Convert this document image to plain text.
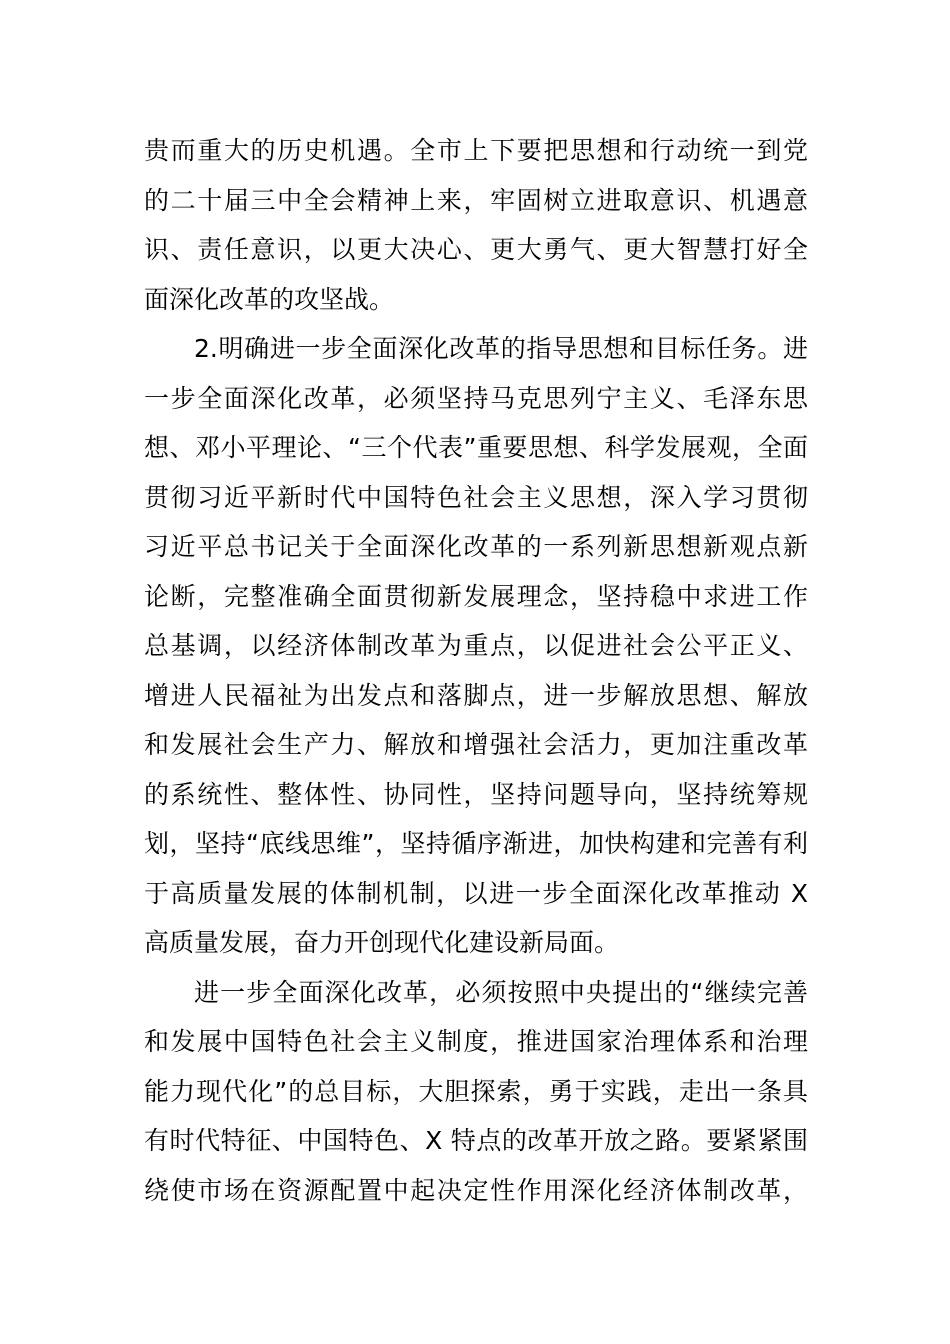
贵而重大的历史机遇。全市上下要把思想和行动统一到党
的二十届三中全会精神上来，牢固树立进取意识、机遇意
识、责任意识，以更大决心、更大勇气、更大智慧打好全
面深化改革的攻坚战。
2.明确进一步全面深化改革的指导思想和目标任务。进
一步全面深化改革，必须坚持马克思列宁主义、毛泽东思
想、邓小平理论、“三个代表”重要思想、科学发展观，全面
贯彻习近平新时代中国特色社会主义思想，深入学习贯彻
习近平总书记关于全面深化改革的一系列新思想新观点新
论断，完整准确全面贯彻新发展理念，坚持稳中求进工作
总基调，以经济体制改革为重点，以促进社会公平正义、
增进人民福祉为出发点和落脚点，进一步解放思想、解放
和发展社会生产力、解放和增强社会活力，更加注重改革
的系统性、整体性、协同性，坚持问题导向，坚持统筹规
划，坚持“底线思维”，坚持循序渐进，加快构建和完善有利
于高质量发展的体制机制，以进一步全面深化改革推动 X
高质量发展，奋力开创现代化建设新局面。
进一步全面深化改革，必须按照中央提出的“继续完善
和发展中国特色社会主义制度，推进国家治理体系和治理
能力现代化”的总目标，大胆探索，勇于实践，走出一条具
有时代特征、中国特色、X 特点的改革开放之路。要紧紧围
绕使市场在资源配置中起决定性作用深化经济体制改革，
